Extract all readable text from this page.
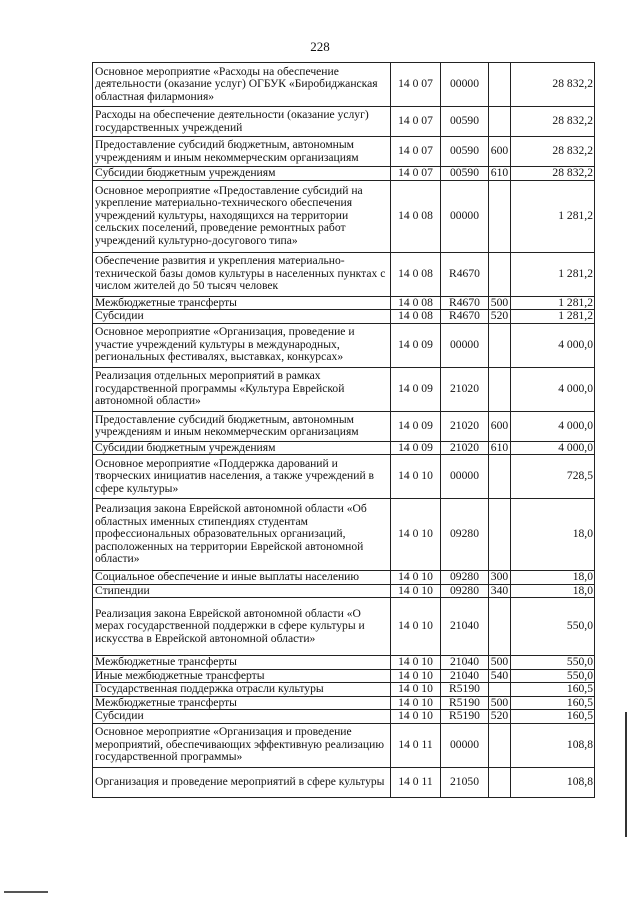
228
Основное мероприятие «Расходы на обеспечение деятельности (оказание услуг) ОГБУК «Биробиджанская областная филармония»	14 0 07	00000		28 832,2
Расходы на обеспечение деятельности (оказание услуг) государственных учреждений	14 0 07	00590		28 832,2
Предоставление субсидий бюджетным, автономным учреждениям и иным некоммерческим организациям	14 0 07	00590	600	28 832,2
Субсидии бюджетным учреждениям	14 0 07	00590	610	28 832,2
Основное мероприятие «Предоставление субсидий на укрепление материально-технического обеспечения учреждений культуры, находящихся на территории сельских поселений, проведение ремонтных работ учреждений культурно-досугового типа»	14 0 08	00000		1 281,2
Обеспечение развития и укрепления материально-технической базы домов культуры в населенных пунктах с числом жителей до 50 тысяч человек	14 0 08	R4670		1 281,2
Межбюджетные трансферты	14 0 08	R4670	500	1 281,2
Субсидии	14 0 08	R4670	520	1 281,2
Основное мероприятие «Организация, проведение и участие учреждений культуры в международных, региональных фестивалях, выставках, конкурсах»	14 0 09	00000		4 000,0
Реализация отдельных мероприятий в рамках государственной программы «Культура Еврейской автономной области»	14 0 09	21020		4 000,0
Предоставление субсидий бюджетным, автономным учреждениям и иным некоммерческим организациям	14 0 09	21020	600	4 000,0
Субсидии бюджетным учреждениям	14 0 09	21020	610	4 000,0
Основное мероприятие «Поддержка дарований и творческих инициатив населения, а также учреждений в сфере культуры»	14 0 10	00000		728,5
Реализация закона Еврейской автономной области «Об областных именных стипендиях студентам профессиональных образовательных организаций, расположенных на территории Еврейской автономной области»	14 0 10	09280		18,0
Социальное обеспечение и иные выплаты населению	14 0 10	09280	300	18,0
Стипендии	14 0 10	09280	340	18,0
Реализация закона Еврейской автономной области «О мерах государственной поддержки в сфере культуры и искусства в Еврейской автономной области»	14 0 10	21040		550,0
Межбюджетные трансферты	14 0 10	21040	500	550,0
Иные межбюджетные трансферты	14 0 10	21040	540	550,0
Государственная поддержка отрасли культуры	14 0 10	R5190		160,5
Межбюджетные трансферты	14 0 10	R5190	500	160,5
Субсидии	14 0 10	R5190	520	160,5
Основное мероприятие «Организация и проведение мероприятий, обеспечивающих эффективную реализацию государственной программы»	14 0 11	00000		108,8
Организация и проведение мероприятий в сфере культуры	14 0 11	21050		108,8
